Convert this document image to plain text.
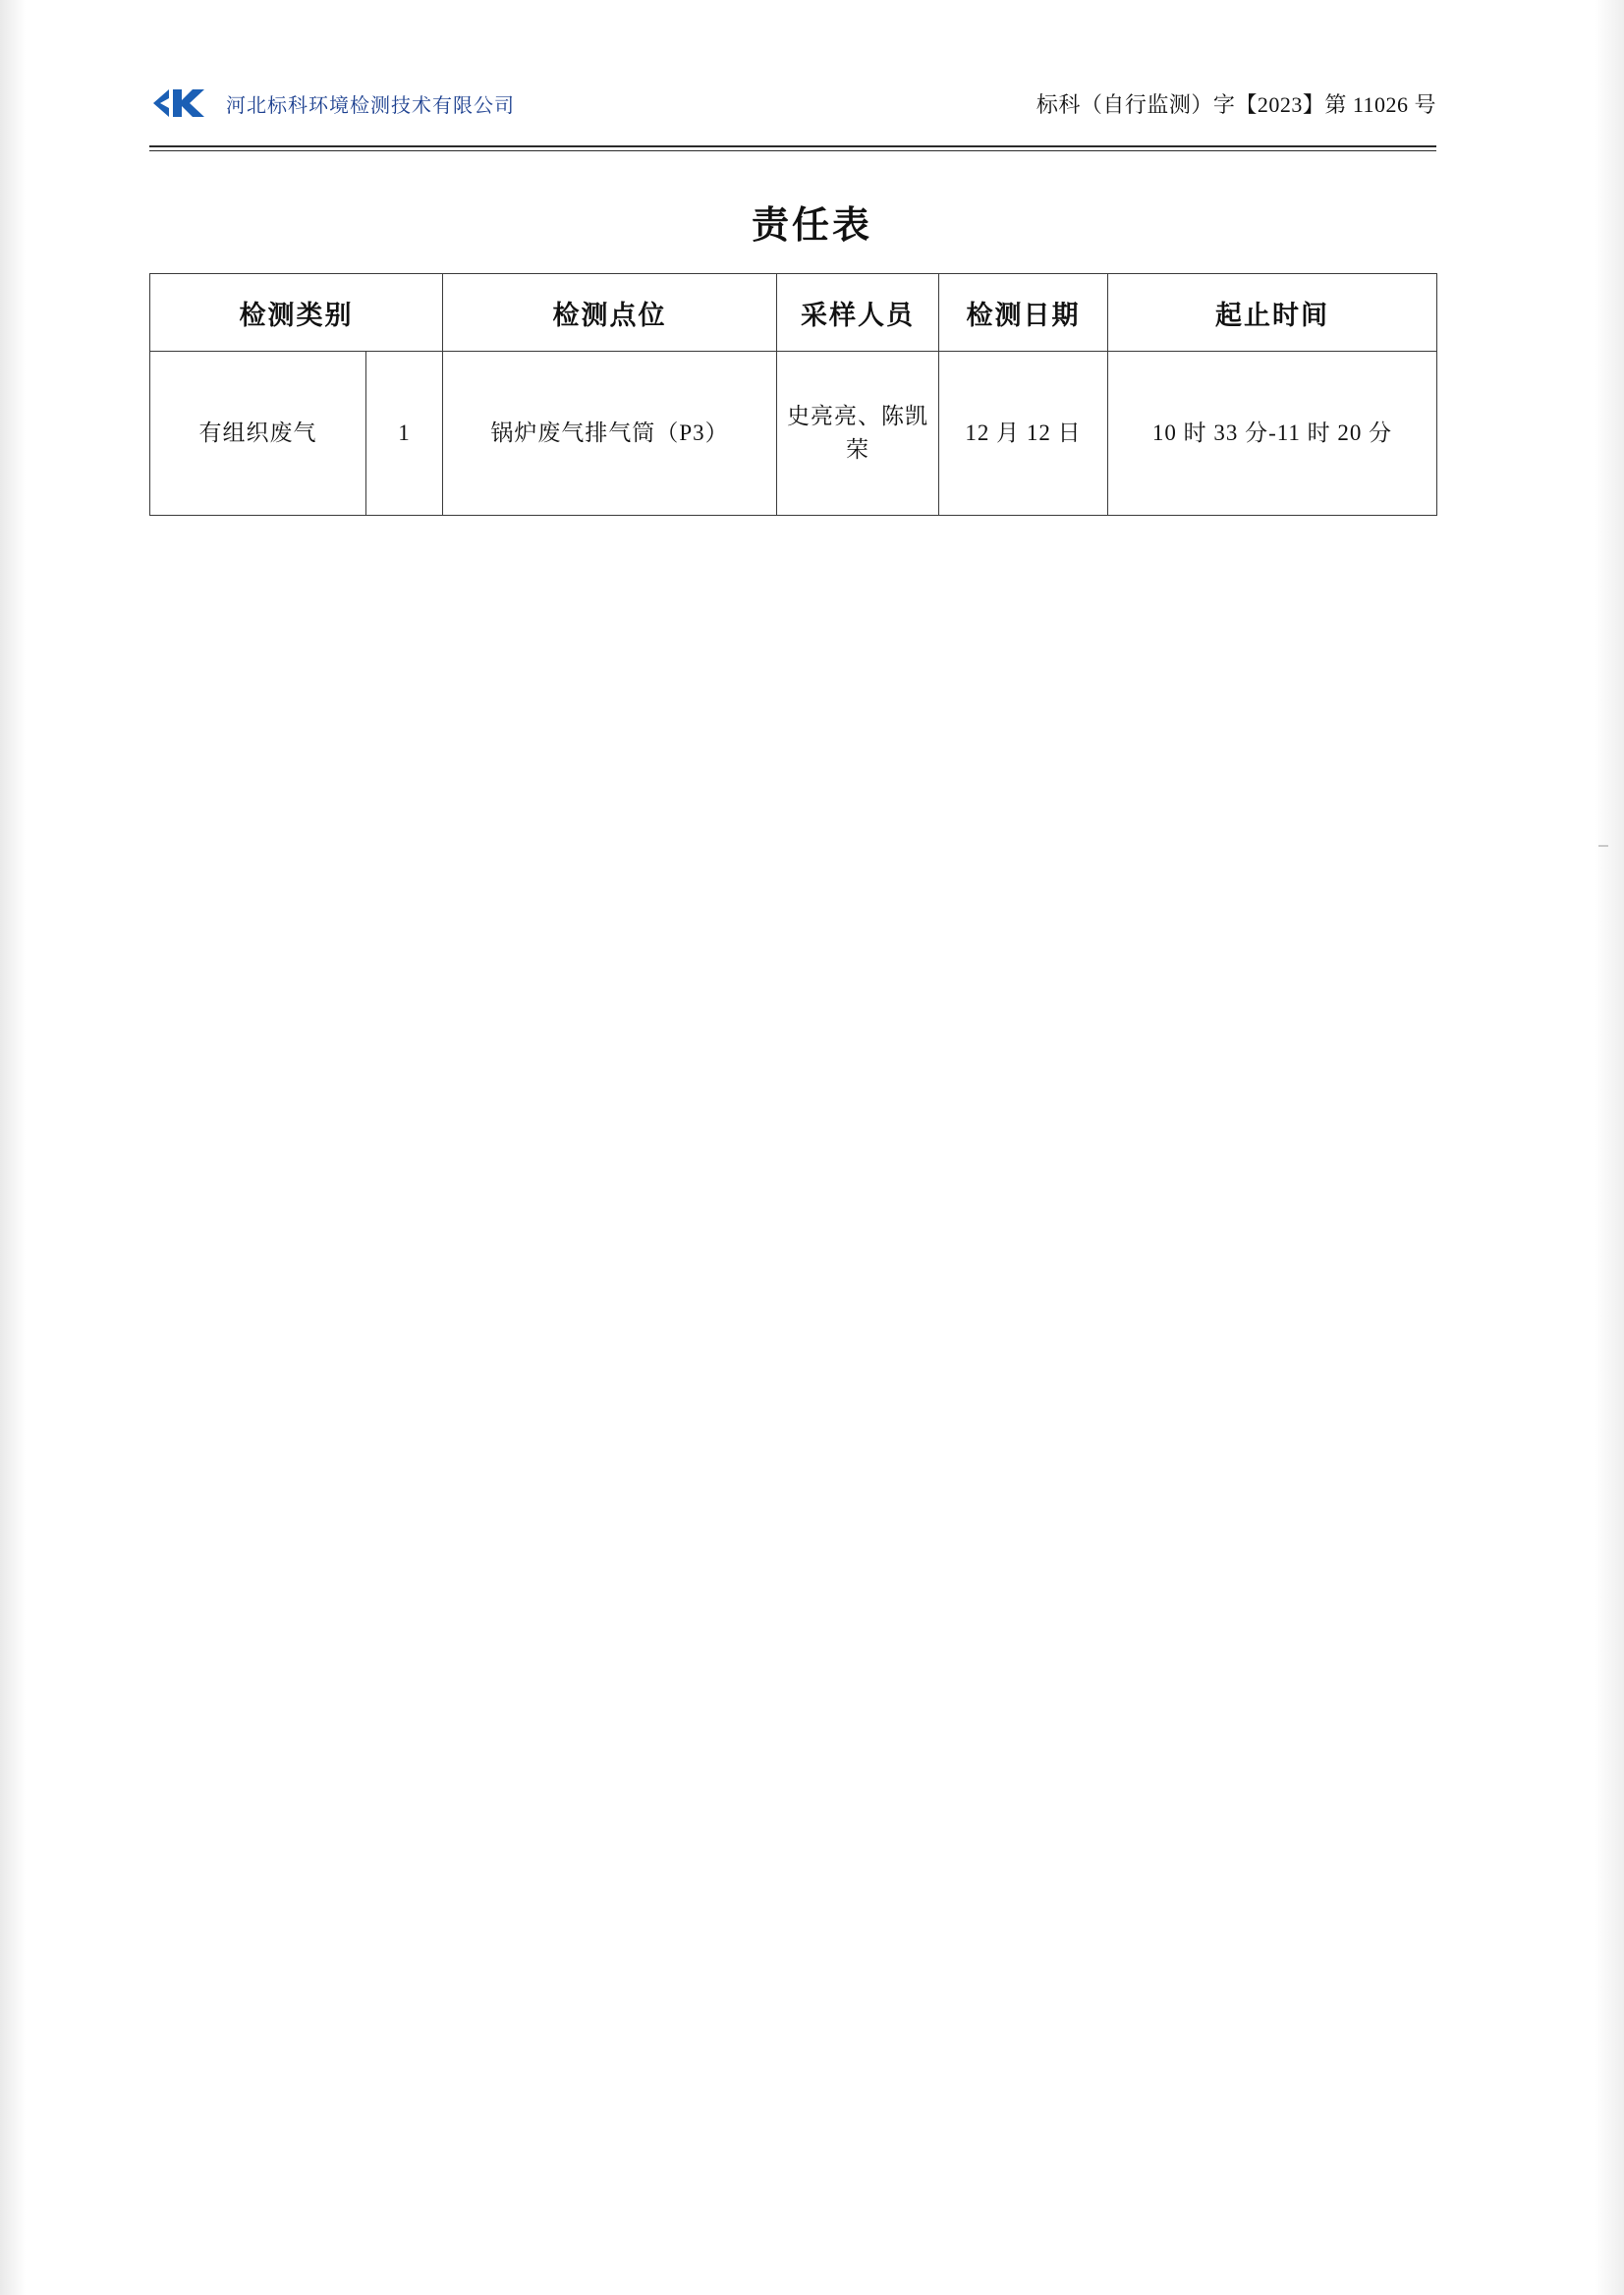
河北标科环境检测技术有限公司	标科（自行监测）字【2023】第 11026 号
责任表
检测类别		检测点位	采样人员	检测日期	起止时间
有组织废气	1	锅炉废气排气筒（P3）	史亮亮、陈凯荣	12 月 12 日	10 时 33 分-11 时 20 分
